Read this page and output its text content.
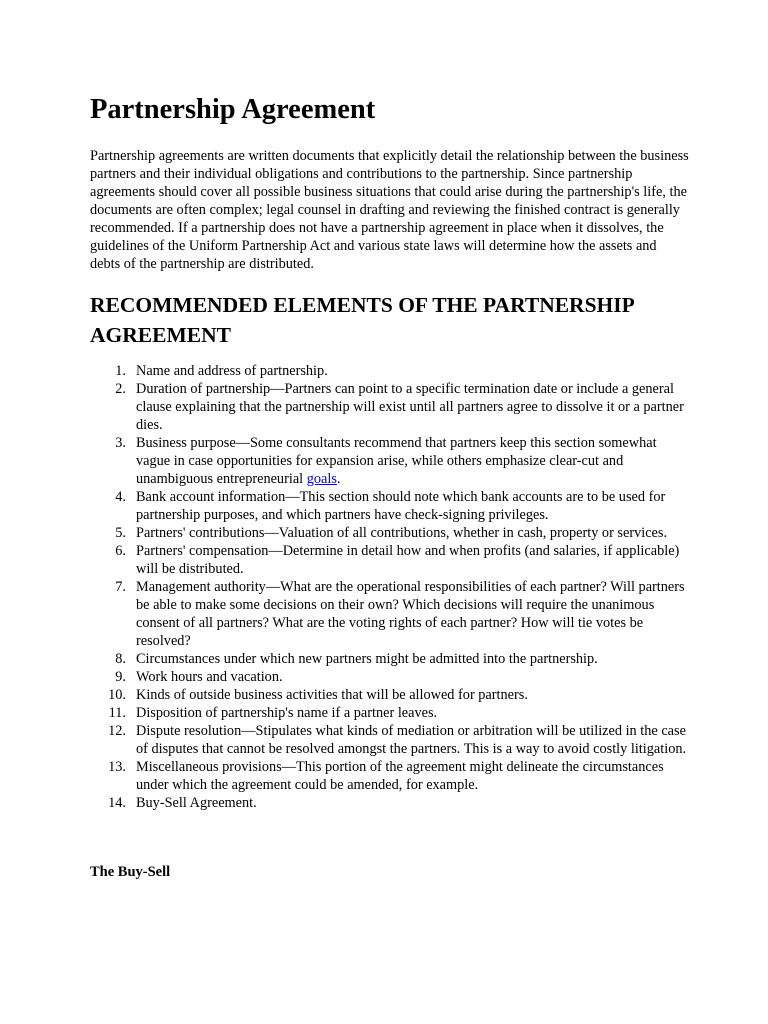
Partnership Agreement

Partnership agreements are written documents that explicitly detail the relationship between the business partners and their individual obligations and contributions to the partnership. Since partnership agreements should cover all possible business situations that could arise during the partnership's life, the documents are often complex; legal counsel in drafting and reviewing the finished contract is generally recommended. If a partnership does not have a partnership agreement in place when it dissolves, the guidelines of the Uniform Partnership Act and various state laws will determine how the assets and debts of the partnership are distributed.

RECOMMENDED ELEMENTS OF THE PARTNERSHIP AGREEMENT
1. Name and address of partnership.
2. Duration of partnership—Partners can point to a specific termination date or include a general clause explaining that the partnership will exist until all partners agree to dissolve it or a partner dies.
3. Business purpose—Some consultants recommend that partners keep this section somewhat vague in case opportunities for expansion arise, while others emphasize clear-cut and unambiguous entrepreneurial goals.
4. Bank account information—This section should note which bank accounts are to be used for partnership purposes, and which partners have check-signing privileges.
5. Partners' contributions—Valuation of all contributions, whether in cash, property or services.
6. Partners' compensation—Determine in detail how and when profits (and salaries, if applicable) will be distributed.
7. Management authority—What are the operational responsibilities of each partner? Will partners be able to make some decisions on their own? Which decisions will require the unanimous consent of all partners? What are the voting rights of each partner? How will tie votes be resolved?
8. Circumstances under which new partners might be admitted into the partnership.
9. Work hours and vacation.
10. Kinds of outside business activities that will be allowed for partners.
11. Disposition of partnership's name if a partner leaves.
12. Dispute resolution—Stipulates what kinds of mediation or arbitration will be utilized in the case of disputes that cannot be resolved amongst the partners. This is a way to avoid costly litigation.
13. Miscellaneous provisions—This portion of the agreement might delineate the circumstances under which the agreement could be amended, for example.
14. Buy-Sell Agreement.
The Buy-Sell
